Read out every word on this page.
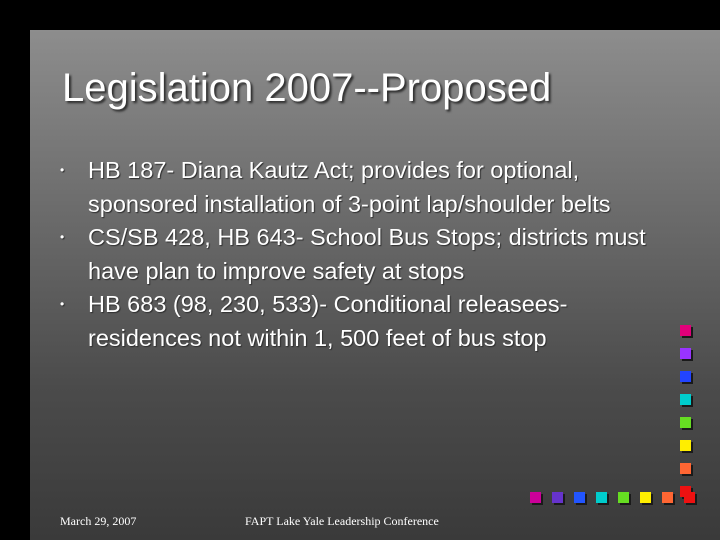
Legislation 2007--Proposed
• HB 187- Diana Kautz Act; provides for optional, sponsored installation of 3-point lap/shoulder belts
• CS/SB 428, HB 643- School Bus Stops; districts must have plan to improve safety at stops
• HB 683 (98, 230, 533)- Conditional releasees- residences not within 1, 500 feet of bus stop
March 29, 2007	FAPT Lake Yale Leadership Conference
